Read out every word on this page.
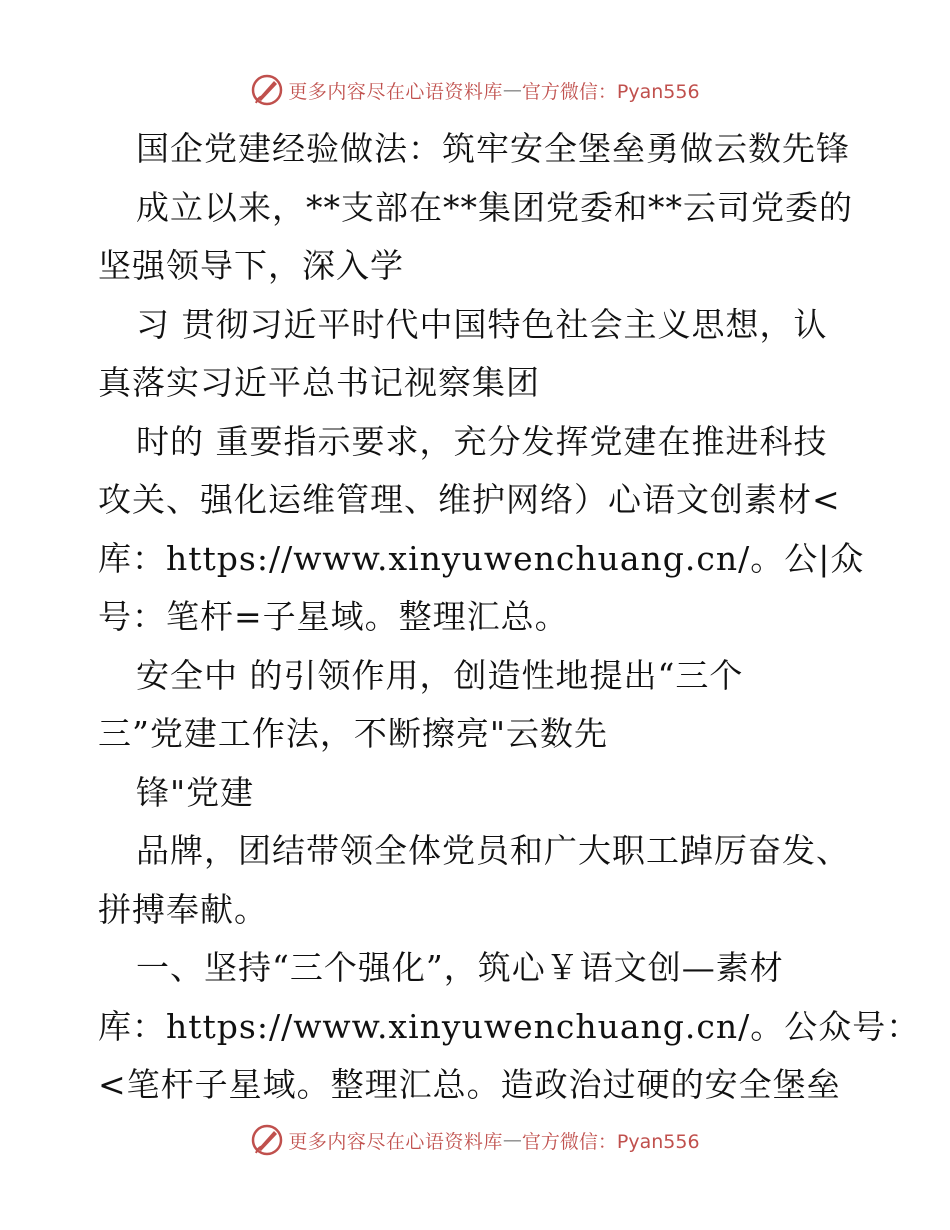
更多内容尽在心语资料库 — 官方微信：Pyan556
国企党建经验做法：筑牢安全堡垒勇做云数先锋
成立以来，**支部在**集团党委和**云司党委的
坚强领导下，深入学
习 贯彻习近平时代中国特色社会主义思想，认
真落实习近平总书记视察集团
时的 重要指示要求，充分发挥党建在推进科技
攻关、强化运维管理、维护网络）心语文创素材<
库：https://www.xinyuwenchuang.cn/。公|众
号：笔杆=子星域。整理汇总。
安全中 的引领作用，创造性地提出“三个
三”党建工作法，不断擦亮"云数先
锋"党建
品牌，团结带领全体党员和广大职工踔厉奋发、
拼搏奉献。
一、坚持“三个强化”，筑心￥语文创—素材
库：https://www.xinyuwenchuang.cn/。公众号：
<笔杆子星域。整理汇总。造政治过硬的安全堡垒
更多内容尽在心语资料库 — 官方微信：Pyan556
